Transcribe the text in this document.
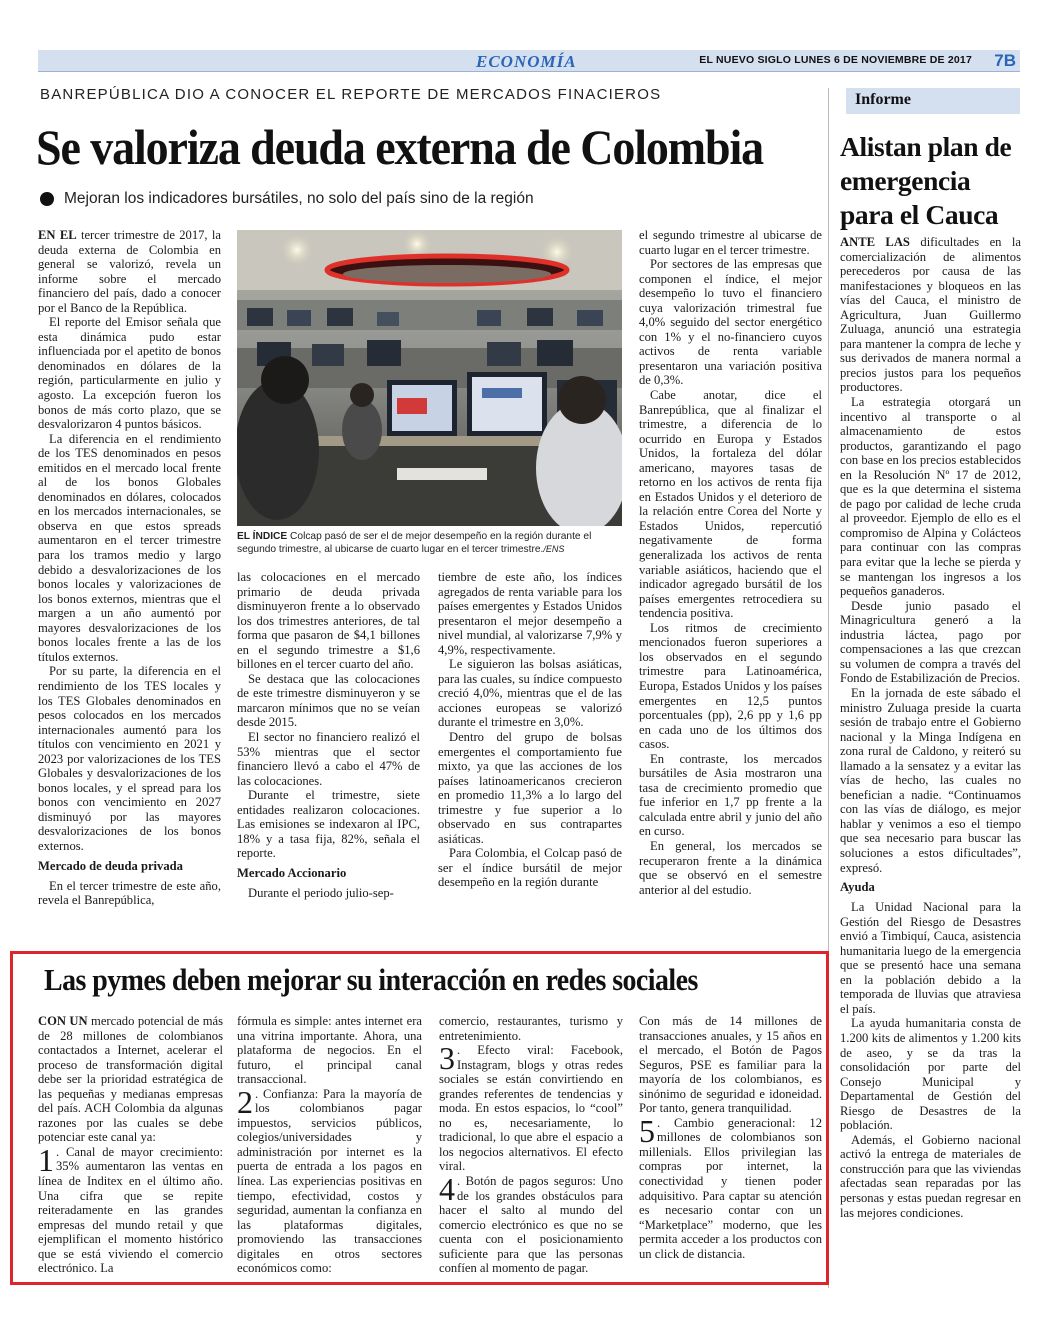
ECONOMÍA	EL NUEVO SIGLO LUNES 6 DE NOVIEMBRE DE 2017 7B
BANREPÚBLICA DIO A CONOCER EL REPORTE DE MERCADOS FINACIEROS
Se valoriza deuda externa de Colombia
Mejoran los indicadores bursátiles, no solo del país sino de la región

EN EL tercer trimestre de 2017, la deuda externa de Colombia en general se valorizó, revela un informe sobre el mercado financiero del país, dado a conocer por el Banco de la República.

El reporte del Emisor señala que esta dinámica pudo estar influenciada por el apetito de bonos denominados en dólares de la región, particularmente en julio y agosto. La excepción fueron los bonos de más corto plazo, que se desvalorizaron 4 puntos básicos.

La diferencia en el rendimiento de los TES denominados en pesos emitidos en el mercado local frente al de los bonos Globales denominados en dólares, colocados en los mercados internacionales, se observa en que estos spreads aumentaron en el tercer trimestre para los tramos medio y largo debido a desvalorizaciones de los bonos locales y valorizaciones de los bonos externos, mientras que el margen a un año aumentó por mayores desvalorizaciones de los bonos locales frente a las de los títulos externos.

Por su parte, la diferencia en el rendimiento de los TES locales y los TES Globales denominados en pesos colocados en los mercados internacionales aumentó para los títulos con vencimiento en 2021 y 2023 por valorizaciones de los TES Globales y desvalorizaciones de los bonos locales, y el spread para los bonos con vencimiento en 2027 disminuyó por las mayores desvalorizaciones de los bonos externos.

Mercado de deuda privada

En el tercer trimestre de este año, revela el Banrepública,

EL ÍNDICE Colcap pasó de ser el de mejor desempeño en la región durante el segundo trimestre, al ubicarse de cuarto lugar en el tercer trimestre./ENS

las colocaciones en el mercado primario de deuda privada disminuyeron frente a lo observado los dos trimestres anteriores, de tal forma que pasaron de $4,1 billones en el segundo trimestre a $1,6 billones en el tercer cuarto del año.

Se destaca que las colocaciones de este trimestre disminuyeron y se marcaron mínimos que no se veían desde 2015.

El sector no financiero realizó el 53% mientras que el sector financiero llevó a cabo el 47% de las colocaciones.

Durante el trimestre, siete entidades realizaron colocaciones. Las emisiones se indexaron al IPC, 18% y a tasa fija, 82%, señala el reporte.

Mercado Accionario

Durante el periodo julio-sep-

tiembre de este año, los índices agregados de renta variable para los países emergentes y Estados Unidos presentaron el mejor desempeño a nivel mundial, al valorizarse 7,9% y 4,9%, respectivamente.

Le siguieron las bolsas asiáticas, para las cuales, su índice compuesto creció 4,0%, mientras que el de las acciones europeas se valorizó durante el trimestre en 3,0%.

Dentro del grupo de bolsas emergentes el comportamiento fue mixto, ya que las acciones de los países latinoamericanos crecieron en promedio 11,3% a lo largo del trimestre y fue superior a lo observado en sus contrapartes asiáticas.

Para Colombia, el Colcap pasó de ser el índice bursátil de mejor desempeño en la región durante

el segundo trimestre al ubicarse de cuarto lugar en el tercer trimestre.

Por sectores de las empresas que componen el índice, el mejor desempeño lo tuvo el financiero cuya valorización trimestral fue 4,0% seguido del sector energético con 1% y el no-financiero cuyos activos de renta variable presentaron una variación positiva de 0,3%.

Cabe anotar, dice el Banrepública, que al finalizar el trimestre, a diferencia de lo ocurrido en Europa y Estados Unidos, la fortaleza del dólar americano, mayores tasas de retorno en los activos de renta fija en Estados Unidos y el deterioro de la relación entre Corea del Norte y Estados Unidos, repercutió negativamente de forma generalizada los activos de renta variable asiáticos, haciendo que el indicador agregado bursátil de los países emergentes retrocediera su tendencia positiva.

Los ritmos de crecimiento mencionados fueron superiores a los observados en el segundo trimestre para Latinoamérica, Europa, Estados Unidos y los países emergentes en 12,5 puntos porcentuales (pp), 2,6 pp y 1,6 pp en cada uno de los últimos dos casos.

En contraste, los mercados bursátiles de Asia mostraron una tasa de crecimiento promedio que fue inferior en 1,7 pp frente a la calculada entre abril y junio del año en curso.

En general, los mercados se recuperaron frente a la dinámica que se observó en el semestre anterior al del estudio.

Informe
Alistan plan de emergencia para el Cauca

ANTE LAS dificultades en la comercialización de alimentos perecederos por causa de las manifestaciones y bloqueos en las vías del Cauca, el ministro de Agricultura, Juan Guillermo Zuluaga, anunció una estrategia para mantener la compra de leche y sus derivados de manera normal a precios justos para los pequeños productores.

La estrategia otorgará un incentivo al transporte o al almacenamiento de estos productos, garantizando el pago con base en los precios establecidos en la Resolución Nº 17 de 2012, que es la que determina el sistema de pago por calidad de leche cruda al proveedor. Ejemplo de ello es el compromiso de Alpina y Colácteos para continuar con las compras para evitar que la leche se pierda y se mantengan los ingresos a los pequeños ganaderos.

Desde junio pasado el Minagricultura generó a la industria láctea, pago por compensaciones a las que crezcan su volumen de compra a través del Fondo de Estabilización de Precios.

En la jornada de este sábado el ministro Zuluaga preside la cuarta sesión de trabajo entre el Gobierno nacional y la Minga Indígena en zona rural de Caldono, y reiteró su llamado a la sensatez y a evitar las vías de hecho, las cuales no benefician a nadie. “Continuamos con las vías de diálogo, es mejor hablar y venimos a eso el tiempo que sea necesario para buscar las soluciones a estos dificultades”, expresó.

Ayuda

La Unidad Nacional para la Gestión del Riesgo de Desastres envió a Timbiquí, Cauca, asistencia humanitaria luego de la emergencia que se presentó hace una semana en la población debido a la temporada de lluvias que atraviesa el país.

La ayuda humanitaria consta de 1.200 kits de alimentos y 1.200 kits de aseo, y se da tras la consolidación por parte del Consejo Municipal y Departamental de Gestión del Riesgo de Desastres de la población.

Además, el Gobierno nacional activó la entrega de materiales de construcción para que las viviendas afectadas sean reparadas por las personas y estas puedan regresar en las mejores condiciones.

Las pymes deben mejorar su interacción en redes sociales

CON UN mercado potencial de más de 28 millones de colombianos contactados a Internet, acelerar el proceso de transformación digital debe ser la prioridad estratégica de las pequeñas y medianas empresas del país. ACH Colombia da algunas razones por las cuales se debe potenciar este canal ya:

1 . Canal de mayor crecimiento: 35% aumentaron las ventas en línea de Inditex en el último año. Una cifra que se repite reiteradamente en las grandes empresas del mundo retail y que ejemplifican el momento histórico que se está viviendo el comercio electrónico. La

fórmula es simple: antes internet era una vitrina importante. Ahora, una plataforma de negocios. En el futuro, el principal canal transaccional.

2 . Confianza: Para la mayoría de los colombianos pagar impuestos, servicios públicos, colegios/universidades y administración por internet es la puerta de entrada a los pagos en línea. Las experiencias positivas en tiempo, efectividad, costos y seguridad, aumentan la confianza en las plataformas digitales, promoviendo las transacciones digitales en otros sectores económicos como:

comercio, restaurantes, turismo y entretenimiento.

3 . Efecto viral: Facebook, Instagram, blogs y otras redes sociales se están convirtiendo en grandes referentes de tendencias y moda. En estos espacios, lo “cool” no es, necesariamente, lo tradicional, lo que abre el espacio a los negocios alternativos. El efecto viral.

4 . Botón de pagos seguros: Uno de los grandes obstáculos para hacer el salto al mundo del comercio electrónico es que no se cuenta con el posicionamiento suficiente para que las personas confíen al momento de pagar.

Con más de 14 millones de transacciones anuales, y 15 años en el mercado, el Botón de Pagos Seguros, PSE es familiar para la mayoría de los colombianos, es sinónimo de seguridad e idoneidad. Por tanto, genera tranquilidad.

5 . Cambio generacional: 12 millones de colombianos son millenials. Ellos privilegian las compras por internet, la conectividad y tienen poder adquisitivo. Para captar su atención es necesario contar con un “Marketplace” moderno, que les permita acceder a los productos con un click de distancia.
